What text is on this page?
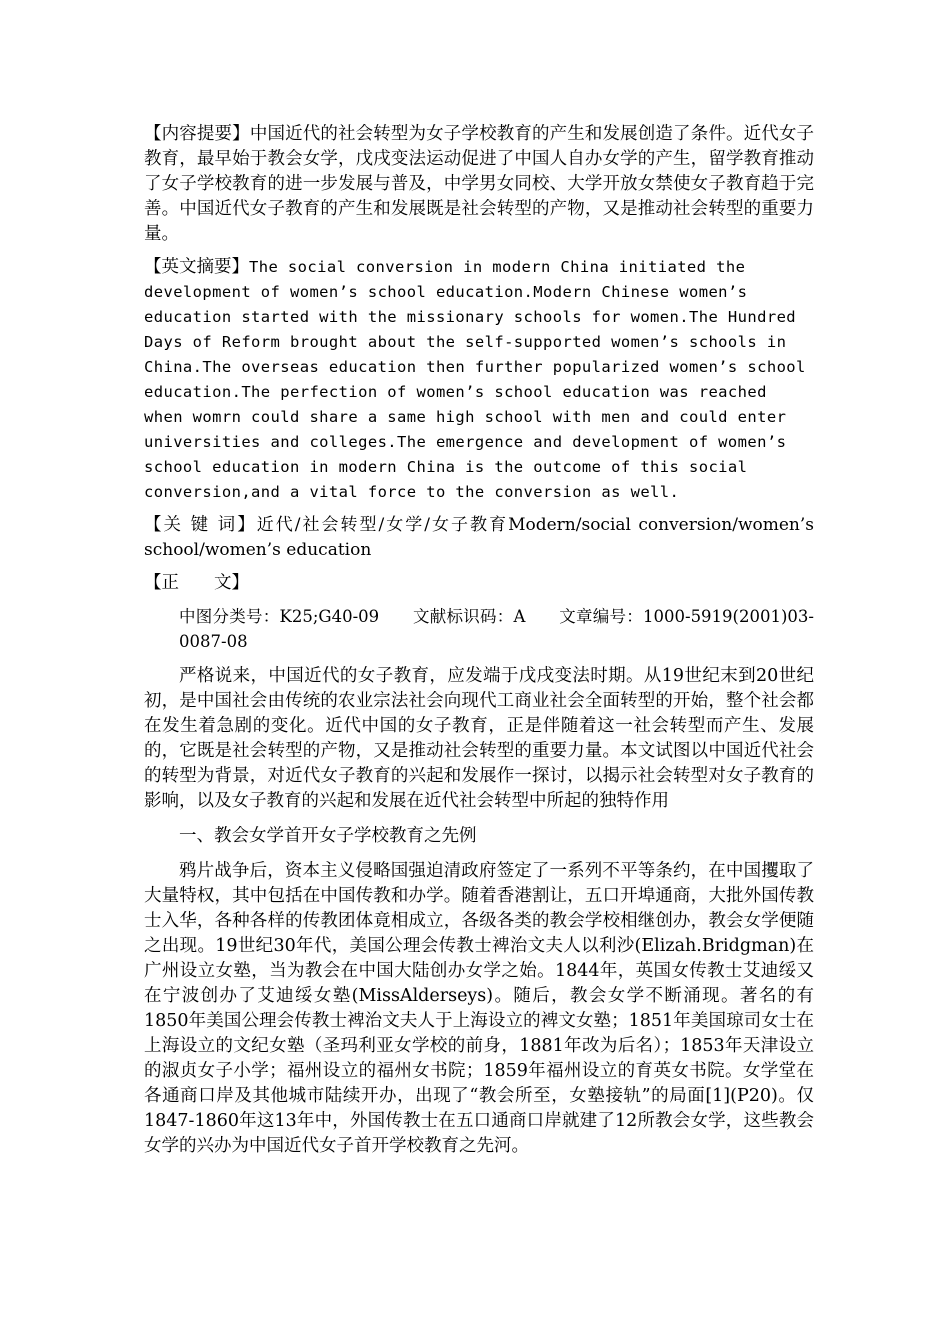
【内容提要】中国近代的社会转型为女子学校教育的产生和发展创造了条件。近代女子教育，最早始于教会女学，戊戌变法运动促进了中国人自办女学的产生，留学教育推动了女子学校教育的进一步发展与普及，中学男女同校、大学开放女禁使女子教育趋于完善。中国近代女子教育的产生和发展既是社会转型的产物，又是推动社会转型的重要力量。

【英文摘要】The social conversion in modern China initiated the development of women’s school education.Modern Chinese women’s education started with the missionary schools for women.The Hundred Days of Reform brought about the self-supported women’s schools in China.The overseas education then further popularized women’s school education.The perfection of women’s school education was reached when womrn could share a same high school with men and could enter universities and colleges.The emergence and development of women’s school education in modern China is the outcome of this social conversion,and a vital force to the conversion as well.

【关 键 词】近代/社会转型/女学/女子教育Modern/social conversion/women’s school/women’s education

【正　　文】

中图分类号：K25;G40-09　　文献标识码：A　　文章编号：1000-5919(2001)03-0087-08

严格说来，中国近代的女子教育，应发端于戊戌变法时期。从19世纪末到20世纪初，是中国社会由传统的农业宗法社会向现代工商业社会全面转型的开始，整个社会都在发生着急剧的变化。近代中国的女子教育，正是伴随着这一社会转型而产生、发展的，它既是社会转型的产物，又是推动社会转型的重要力量。本文试图以中国近代社会的转型为背景，对近代女子教育的兴起和发展作一探讨，以揭示社会转型对女子教育的影响，以及女子教育的兴起和发展在近代社会转型中所起的独特作用

一、教会女学首开女子学校教育之先例

鸦片战争后，资本主义侵略国强迫清政府签定了一系列不平等条约，在中国攫取了大量特权，其中包括在中国传教和办学。随着香港割让，五口开埠通商，大批外国传教士入华，各种各样的传教团体竟相成立，各级各类的教会学校相继创办，教会女学便随之出现。19世纪30年代，美国公理会传教士裨治文夫人以利沙(Elizah.Bridgman)在广州设立女塾，当为教会在中国大陆创办女学之始。1844年，英国女传教士艾迪绥又在宁波创办了艾迪绥女塾(MissAlderseys)。随后，教会女学不断涌现。著名的有1850年美国公理会传教士裨治文夫人于上海设立的裨文女塾；1851年美国琼司女士在上海设立的文纪女塾（圣玛利亚女学校的前身，1881年改为后名）；1853年天津设立的淑贞女子小学；福州设立的福州女书院；1859年福州设立的育英女书院。女学堂在各通商口岸及其他城市陆续开办，出现了“教会所至，女塾接轨”的局面[1](P20)。仅1847-1860年这13年中，外国传教士在五口通商口岸就建了12所教会女学，这些教会女学的兴办为中国近代女子首开学校教育之先河。
